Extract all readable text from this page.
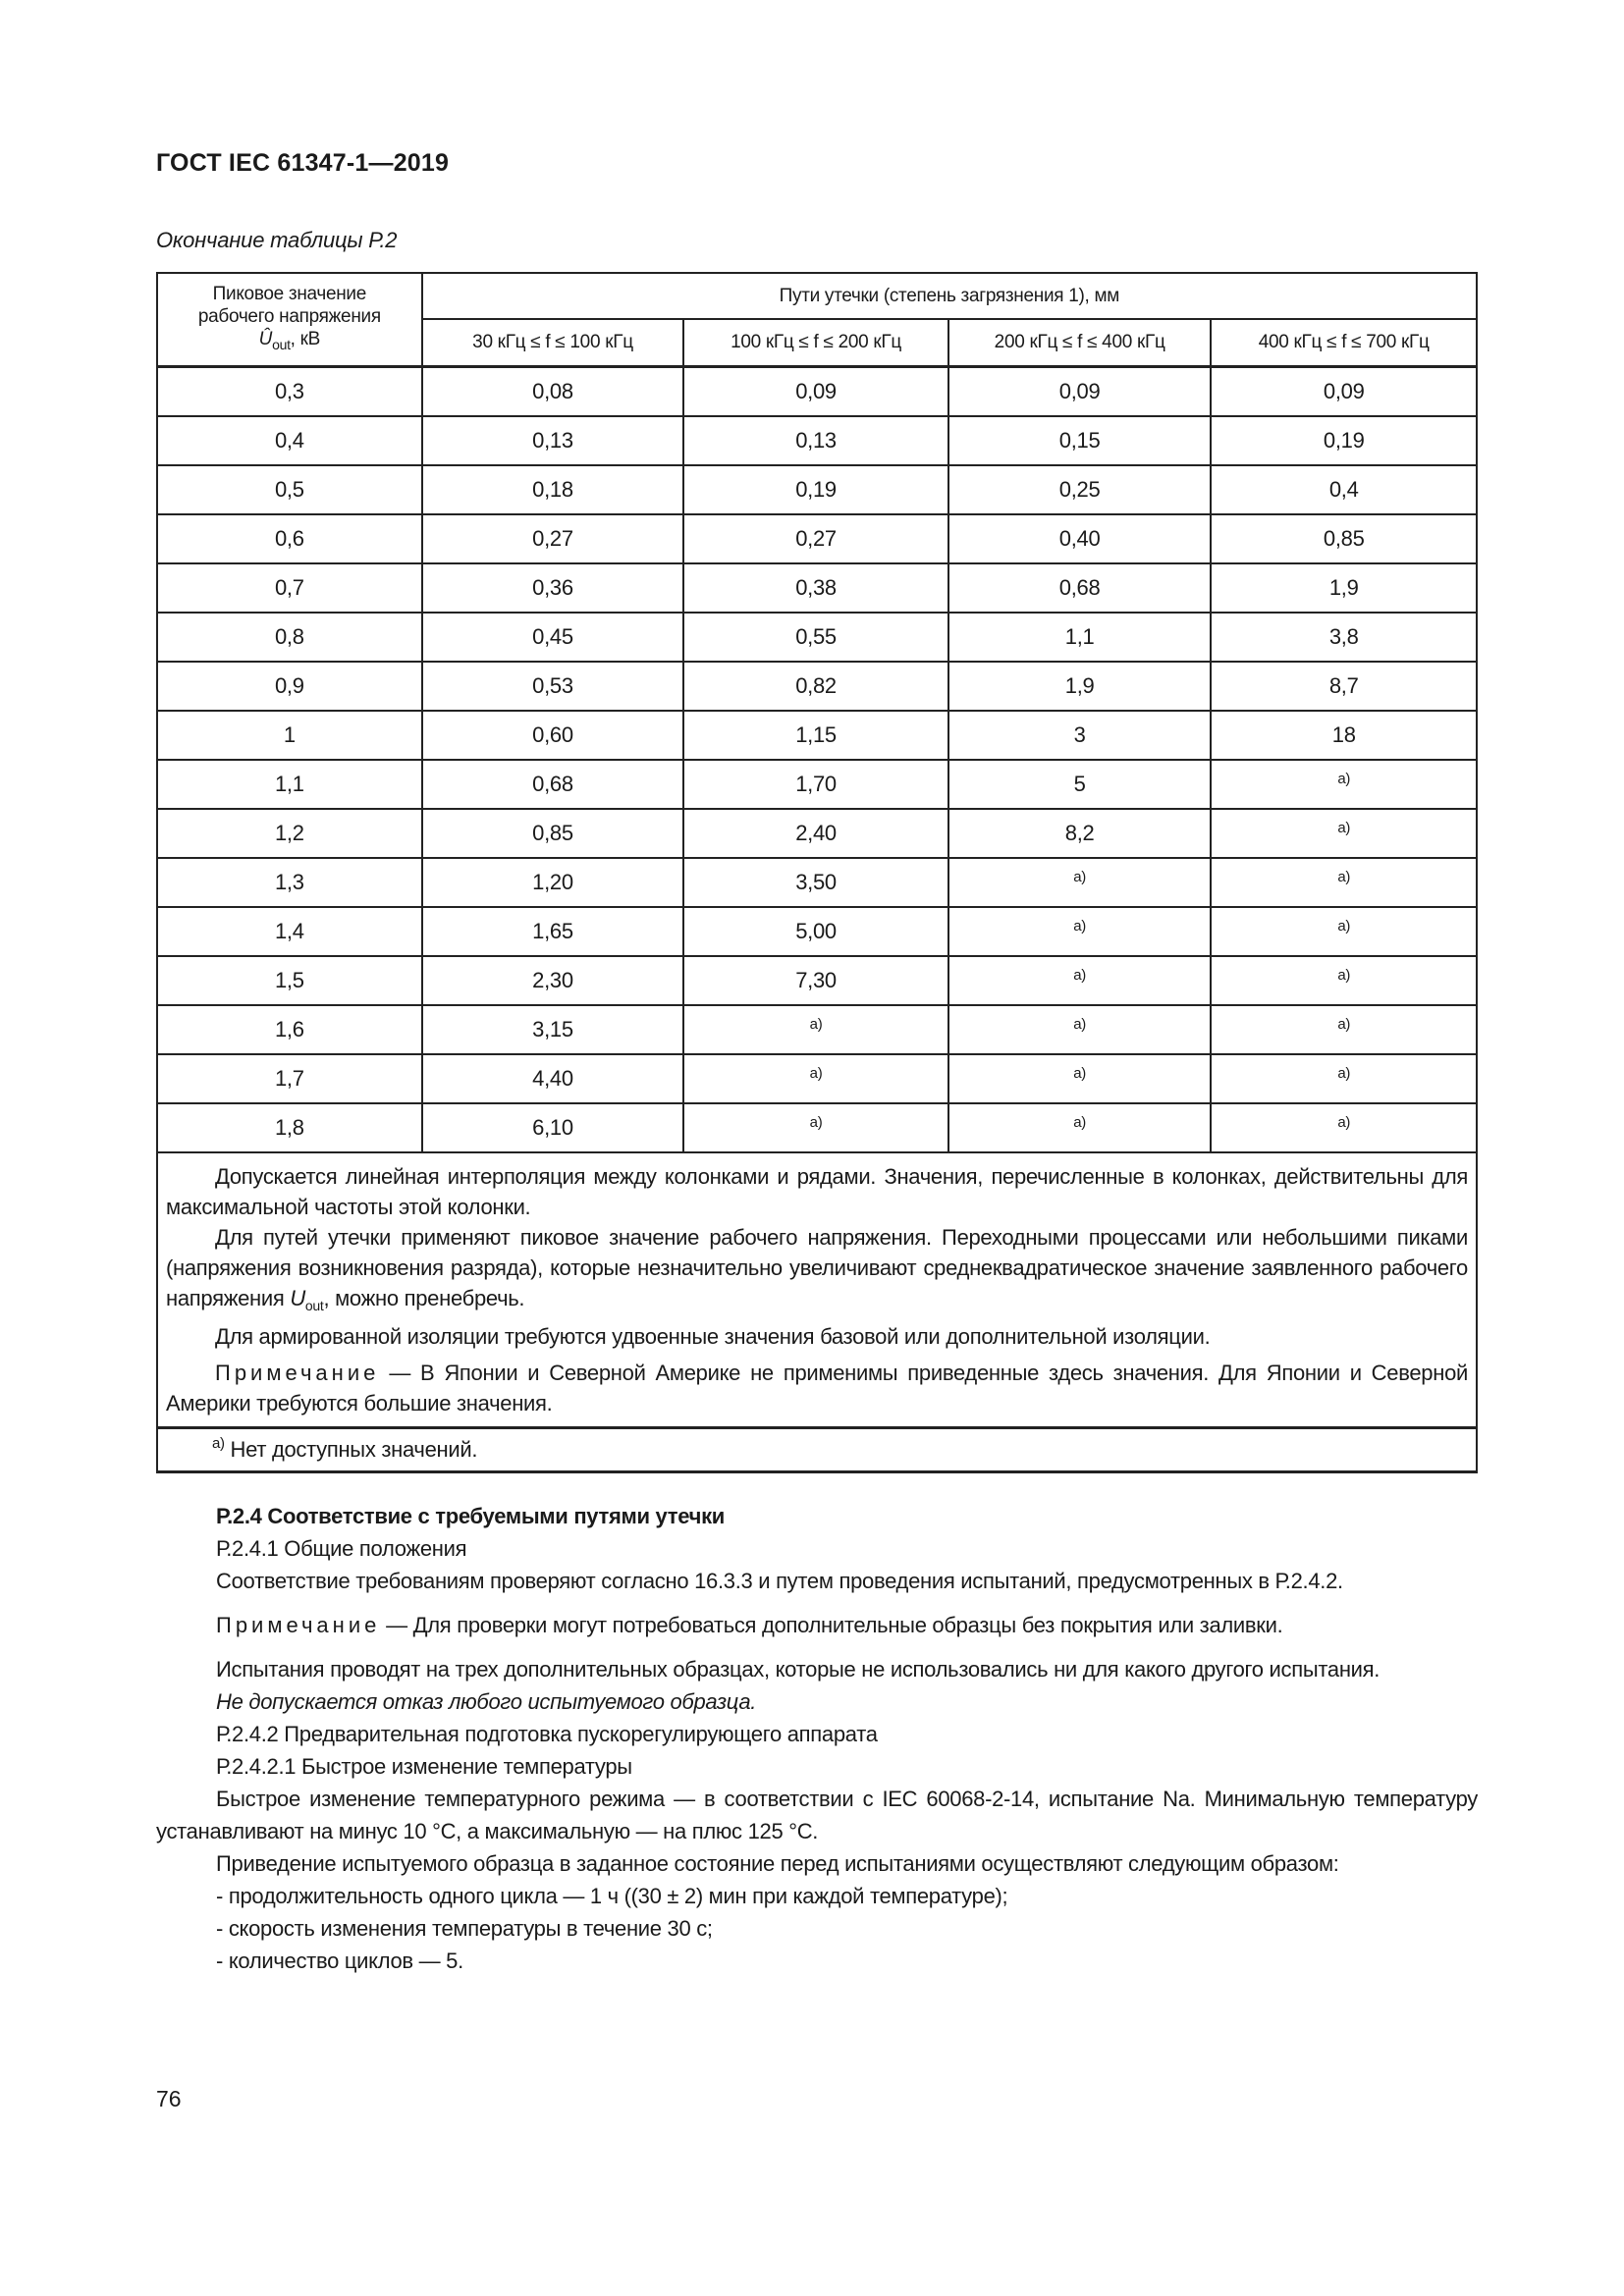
ГОСТ IEC 61347-1—2019
Окончание таблицы Р.2
Пиковое значение
рабочего напряжения
$Û_{out}$, кВ	Пути утечки (степень загрязнения 1), мм			
	30 кГц ≤ f ≤ 100 кГц	100 кГц ≤ f ≤ 200 кГц	200 кГц ≤ f ≤ 400 кГц	400 кГц ≤ f ≤ 700 кГц
0,3	0,08	0,09	0,09	0,09
0,4	0,13	0,13	0,15	0,19
0,5	0,18	0,19	0,25	0,4
0,6	0,27	0,27	0,40	0,85
0,7	0,36	0,38	0,68	1,9
0,8	0,45	0,55	1,1	3,8
0,9	0,53	0,82	1,9	8,7
1	0,60	1,15	3	18
1,1	0,68	1,70	5	$^{а)}$
1,2	0,85	2,40	8,2	$^{а)}$
1,3	1,20	3,50	$^{а)}$	$^{а)}$
1,4	1,65	5,00	$^{а)}$	$^{а)}$
1,5	2,30	7,30	$^{а)}$	$^{а)}$
1,6	3,15	$^{а)}$	$^{а)}$	$^{а)}$
1,7	4,40	$^{а)}$	$^{а)}$	$^{а)}$
1,8	6,10	$^{а)}$	$^{а)}$	$^{а)}$

Допускается линейная интерполяция между колонками и рядами. Значения, перечисленные в колонках, действительны для максимальной частоты этой колонки.

Для путей утечки применяют пиковое значение рабочего напряжения. Переходными процессами или небольшими пиками (напряжения возникновения разряда), которые незначительно увеличивают среднеквадратическое значение заявленного рабочего напряжения $U_{out}$, можно пренебречь.

Для армированной изоляции требуются удвоенные значения базовой или дополнительной изоляции.

Примечание — В Японии и Северной Америке не применимы приведенные здесь значения. Для Японии и Северной Америки требуются большие значения.				

$^{а)}$ Нет доступных значений.				

Р.2.4 Соответствие с требуемыми путями утечки

Р.2.4.1 Общие положения

Соответствие требованиям проверяют согласно 16.3.3 и путем проведения испытаний, предусмотренных в Р.2.4.2.

Примечание — Для проверки могут потребоваться дополнительные образцы без покрытия или заливки.

Испытания проводят на трех дополнительных образцах, которые не использовались ни для какого другого испытания.

Не допускается отказ любого испытуемого образца.

Р.2.4.2 Предварительная подготовка пускорегулирующего аппарата

Р.2.4.2.1 Быстрое изменение температуры

Быстрое изменение температурного режима — в соответствии с IEC 60068-2-14, испытание Na. Минимальную температуру устанавливают на минус 10 °С, а максимальную — на плюс 125 °С.

Приведение испытуемого образца в заданное состояние перед испытаниями осуществляют следующим образом:

- продолжительность одного цикла — 1 ч ((30 ± 2) мин при каждой температуре);

- скорость изменения температуры в течение 30 с;

- количество циклов — 5.

76
